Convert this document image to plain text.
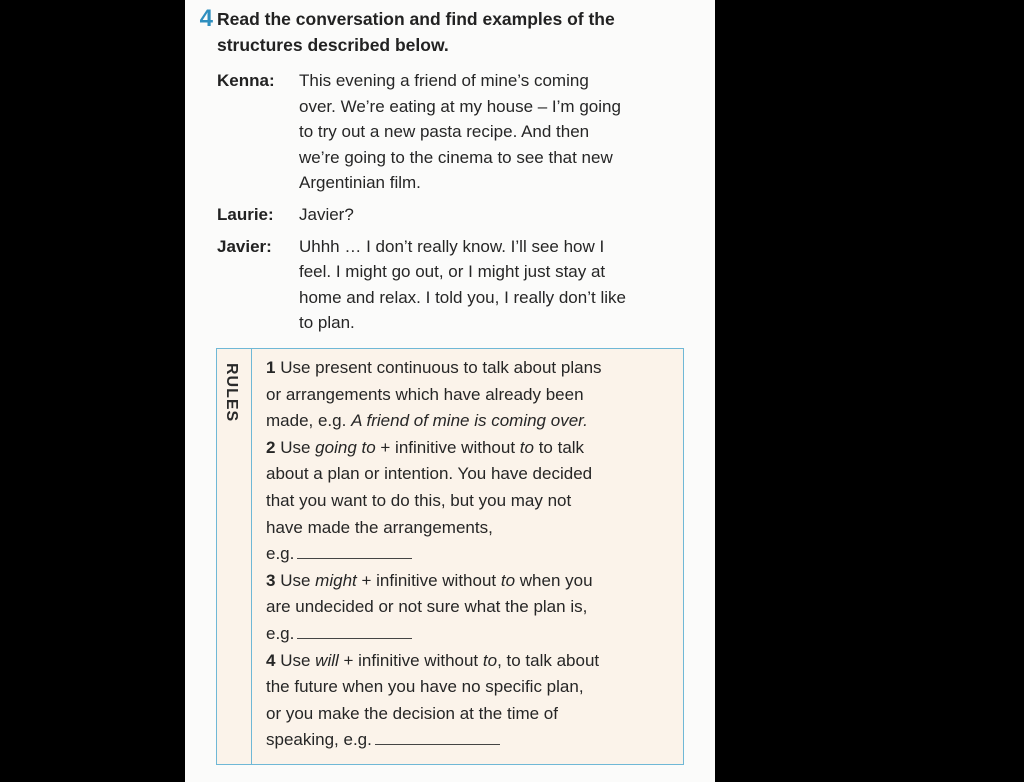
4 Read the conversation and find examples of the
structures described below.
Kenna:	This evening a friend of mine’s coming
over. We’re eating at my house – I’m going
to try out a new pasta recipe. And then
we’re going to the cinema to see that new
Argentinian film.
Laurie:	Javier?
Javier:	Uhhh … I don’t really know. I’ll see how I
feel. I might go out, or I might just stay at
home and relax. I told you, I really don’t like
to plan.
RULES 1 Use present continuous to talk about plans
or arrangements which have already been
made, e.g. A friend of mine is coming over.
2 Use going to + infinitive without to to talk
about a plan or intention. You have decided
that you want to do this, but you may not
have made the arrangements,
e.g.
3 Use might + infinitive without to when you
are undecided or not sure what the plan is,
e.g.
4 Use will + infinitive without to, to talk about
the future when you have no specific plan,
or you make the decision at the time of
speaking, e.g.
